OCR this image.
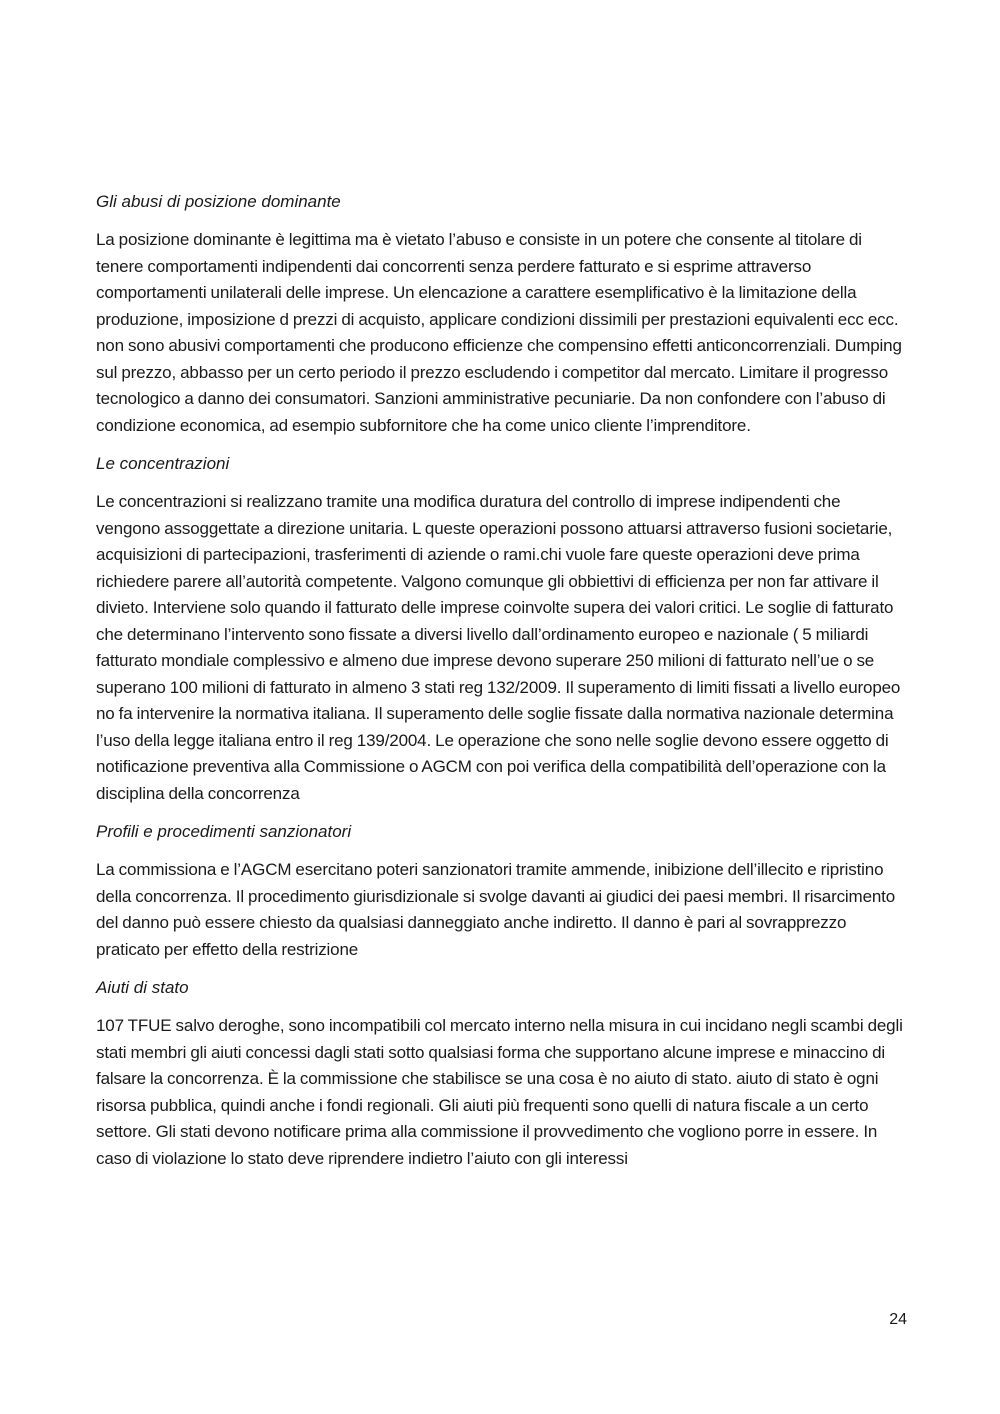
Gli abusi di posizione dominante

La posizione dominante è legittima ma è vietato l’abuso e consiste in un potere che consente al titolare di tenere comportamenti indipendenti dai concorrenti senza perdere fatturato e si esprime attraverso comportamenti unilaterali delle imprese. Un elencazione a carattere esemplificativo è la limitazione della produzione, imposizione d prezzi di acquisto, applicare condizioni dissimili per prestazioni equivalenti ecc ecc. non sono abusivi comportamenti che producono efficienze che compensino effetti anticoncorrenziali. Dumping sul prezzo, abbasso per un certo periodo il prezzo escludendo i competitor dal mercato. Limitare il progresso tecnologico a danno dei consumatori. Sanzioni amministrative pecuniarie. Da non confondere con l’abuso di condizione economica, ad esempio subfornitore che ha come unico cliente l’imprenditore.

Le concentrazioni

Le concentrazioni si realizzano tramite una modifica duratura del controllo di imprese indipendenti che vengono assoggettate a direzione unitaria. L queste operazioni possono attuarsi attraverso fusioni societarie, acquisizioni di partecipazioni, trasferimenti di aziende o rami.chi vuole fare queste operazioni deve prima richiedere parere all’autorità competente. Valgono comunque gli obbiettivi di efficienza per non far attivare il divieto. Interviene solo quando il fatturato delle imprese coinvolte supera dei valori critici. Le soglie di fatturato che determinano l’intervento sono fissate a diversi livello dall’ordinamento europeo e nazionale ( 5 miliardi fatturato mondiale complessivo e almeno due imprese devono superare 250 milioni di fatturato nell’ue o se superano 100 milioni di fatturato in almeno 3 stati reg 132/2009. Il superamento di limiti fissati a livello europeo no fa intervenire la normativa italiana. Il superamento delle soglie fissate dalla normativa nazionale determina l’uso della legge italiana entro il reg 139/2004. Le operazione che sono nelle soglie devono essere oggetto di notificazione preventiva alla Commissione o AGCM con poi verifica della compatibilità dell’operazione con la disciplina della concorrenza

Profili e procedimenti sanzionatori

La commissiona e l’AGCM esercitano poteri sanzionatori tramite ammende, inibizione dell’illecito e ripristino della concorrenza. Il procedimento giurisdizionale si svolge davanti ai giudici dei paesi membri. Il risarcimento del danno può essere chiesto da qualsiasi danneggiato anche indiretto. Il danno è pari al sovrapprezzo praticato per effetto della restrizione

Aiuti di stato

107 TFUE salvo deroghe, sono incompatibili col mercato interno nella misura in cui incidano negli scambi degli stati membri gli aiuti concessi dagli stati sotto qualsiasi forma che supportano alcune imprese e minaccino di falsare la concorrenza. È la commissione che stabilisce se una cosa è no aiuto di stato. aiuto di stato è ogni risorsa pubblica, quindi anche i fondi regionali. Gli aiuti più frequenti sono quelli di natura fiscale a un certo settore. Gli stati devono notificare prima alla commissione il provvedimento che vogliono porre in essere. In caso di violazione lo stato deve riprendere indietro l’aiuto con gli interessi

24
